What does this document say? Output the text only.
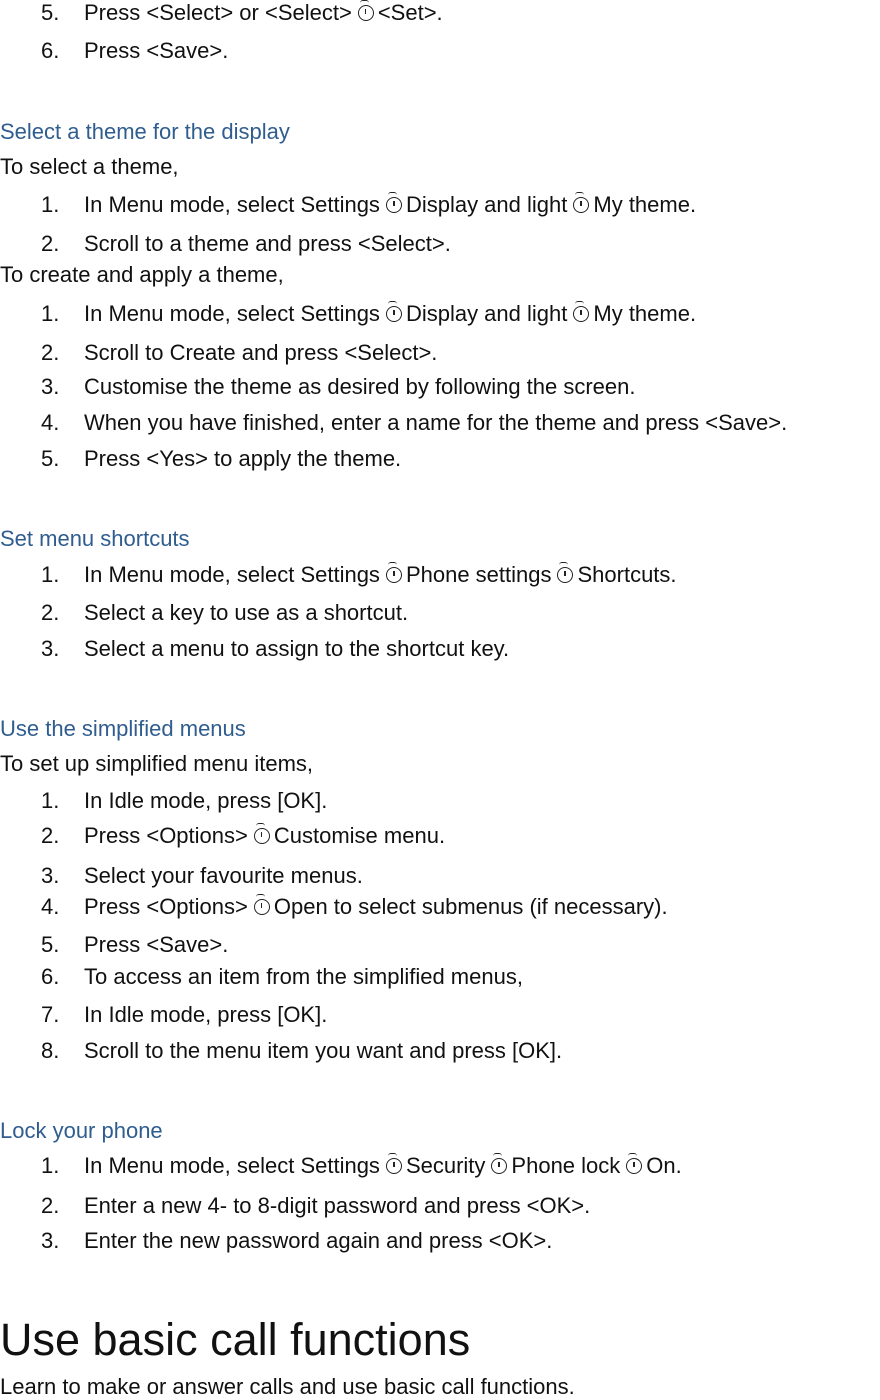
5. Press <Select> or <Select> <Set>.
6. Press <Save>.
Select a theme for the display
To select a theme,
1. In Menu mode, select Settings Display and light My theme.
2. Scroll to a theme and press <Select>.
To create and apply a theme,
1. In Menu mode, select Settings Display and light My theme.
2. Scroll to Create and press <Select>.
3. Customise the theme as desired by following the screen.
4. When you have finished, enter a name for the theme and press <Save>.
5. Press <Yes> to apply the theme.
Set menu shortcuts
1. In Menu mode, select Settings Phone settings Shortcuts.
2. Select a key to use as a shortcut.
3. Select a menu to assign to the shortcut key.
Use the simplified menus
To set up simplified menu items,
1. In Idle mode, press [OK].
2. Press <Options> Customise menu.
3. Select your favourite menus.
4. Press <Options> Open to select submenus (if necessary).
5. Press <Save>.
6. To access an item from the simplified menus,
7. In Idle mode, press [OK].
8. Scroll to the menu item you want and press [OK].
Lock your phone
1. In Menu mode, select Settings Security Phone lock On.
2. Enter a new 4- to 8-digit password and press <OK>.
3. Enter the new password again and press <OK>.
Use basic call functions
Learn to make or answer calls and use basic call functions.
